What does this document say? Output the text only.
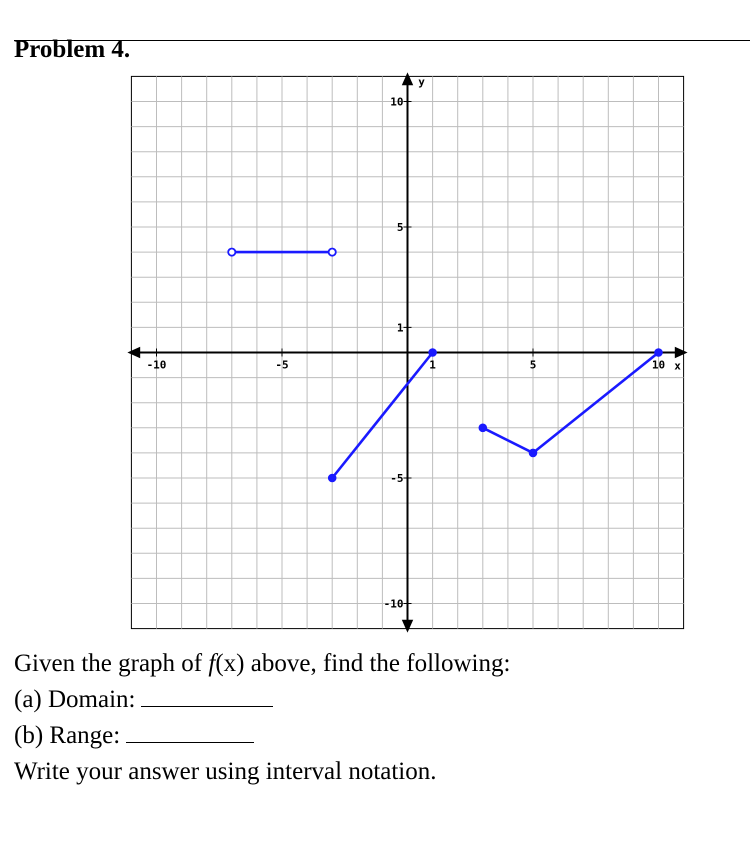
Problem 4.
-10	-5	1	5	10
10
5
1
-5
-10
x
y
Given the graph of f(x) above, find the following:
(a) Domain:
(b) Range:
Write your answer using interval notation.
